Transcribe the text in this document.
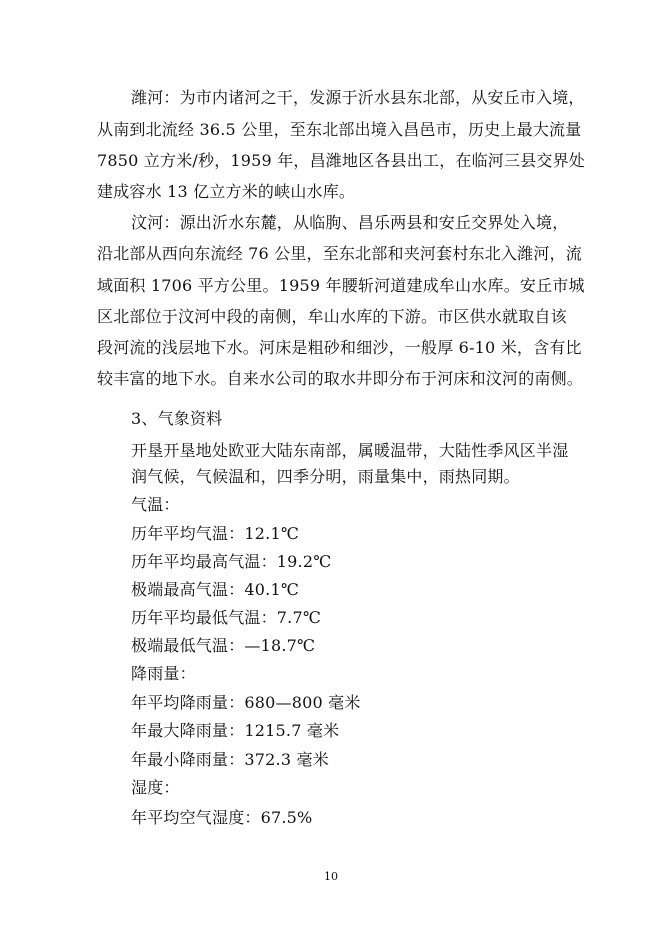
潍河：为市内诸河之干，发源于沂水县东北部，从安丘市入境，
从南到北流经 36.5 公里，至东北部出境入昌邑市，历史上最大流量
7850 立方米/秒，1959 年，昌潍地区各县出工，在临河三县交界处
建成容水 13 亿立方米的峡山水库。
汶河：源出沂水东麓，从临朐、昌乐两县和安丘交界处入境，
沿北部从西向东流经 76 公里，至东北部和夹河套村东北入潍河，流
域面积 1706 平方公里。1959 年腰斩河道建成牟山水库。安丘市城
区北部位于汶河中段的南侧，牟山水库的下游。市区供水就取自该
段河流的浅层地下水。河床是粗砂和细沙，一般厚 6-10 米，含有比
较丰富的地下水。自来水公司的取水井即分布于河床和汶河的南侧。
3、气象资料
开垦开垦地处欧亚大陆东南部，属暖温带，大陆性季风区半湿
润气候，气候温和，四季分明，雨量集中，雨热同期。
气温：
历年平均气温：12.1℃
历年平均最高气温：19.2℃
极端最高气温：40.1℃
历年平均最低气温：7.7℃
极端最低气温：—18.7℃
降雨量：
年平均降雨量：680—800 毫米
年最大降雨量：1215.7 毫米
年最小降雨量：372.3 毫米
湿度：
年平均空气湿度：67.5%
10
